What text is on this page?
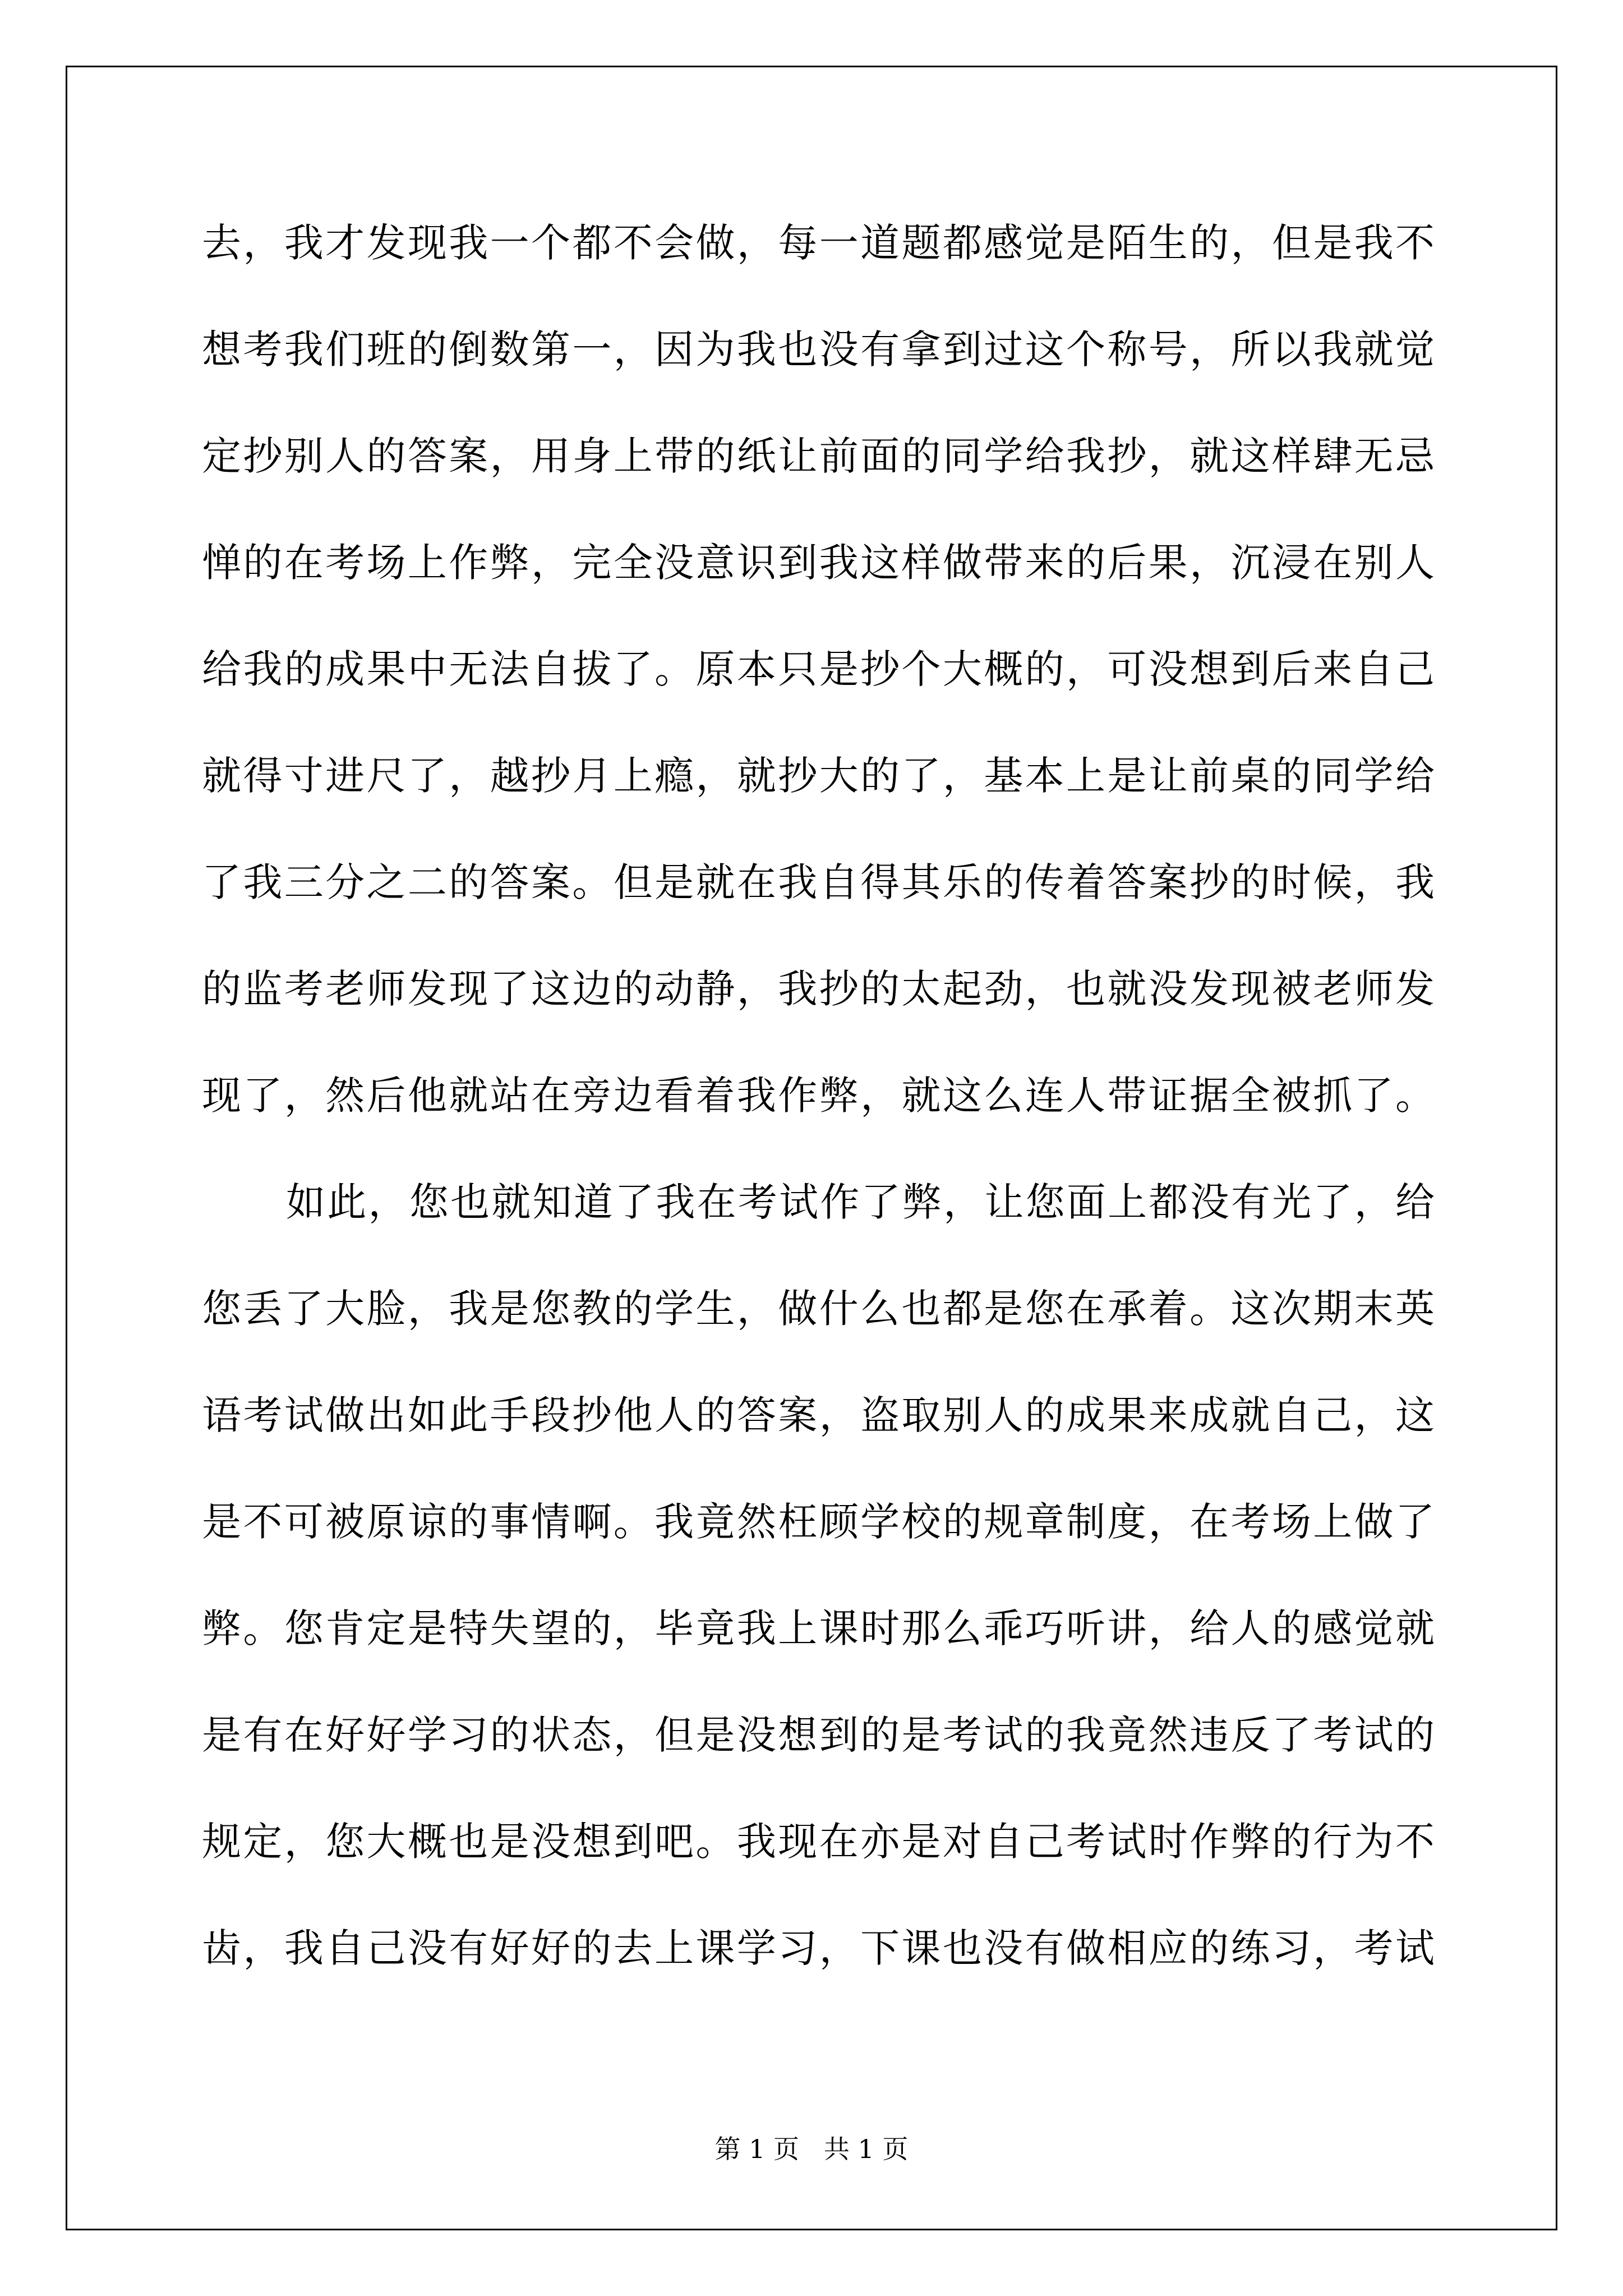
去，我才发现我一个都不会做，每一道题都感觉是陌生的，但是我不
想考我们班的倒数第一，因为我也没有拿到过这个称号，所以我就觉
定抄别人的答案，用身上带的纸让前面的同学给我抄，就这样肆无忌
惮的在考场上作弊，完全没意识到我这样做带来的后果，沉浸在别人
给我的成果中无法自拔了。原本只是抄个大概的，可没想到后来自己
就得寸进尺了，越抄月上瘾，就抄大的了，基本上是让前桌的同学给
了我三分之二的答案。但是就在我自得其乐的传着答案抄的时候，我
的监考老师发现了这边的动静，我抄的太起劲，也就没发现被老师发
现了，然后他就站在旁边看着我作弊，就这么连人带证据全被抓了。
如此，您也就知道了我在考试作了弊，让您面上都没有光了，给
您丢了大脸，我是您教的学生，做什么也都是您在承着。这次期末英
语考试做出如此手段抄他人的答案，盗取别人的成果来成就自己，这
是不可被原谅的事情啊。我竟然枉顾学校的规章制度，在考场上做了
弊。您肯定是特失望的，毕竟我上课时那么乖巧听讲，给人的感觉就
是有在好好学习的状态，但是没想到的是考试的我竟然违反了考试的
规定，您大概也是没想到吧。我现在亦是对自己考试时作弊的行为不
齿，我自己没有好好的去上课学习，下课也没有做相应的练习，考试
第 1 页   共 1 页
